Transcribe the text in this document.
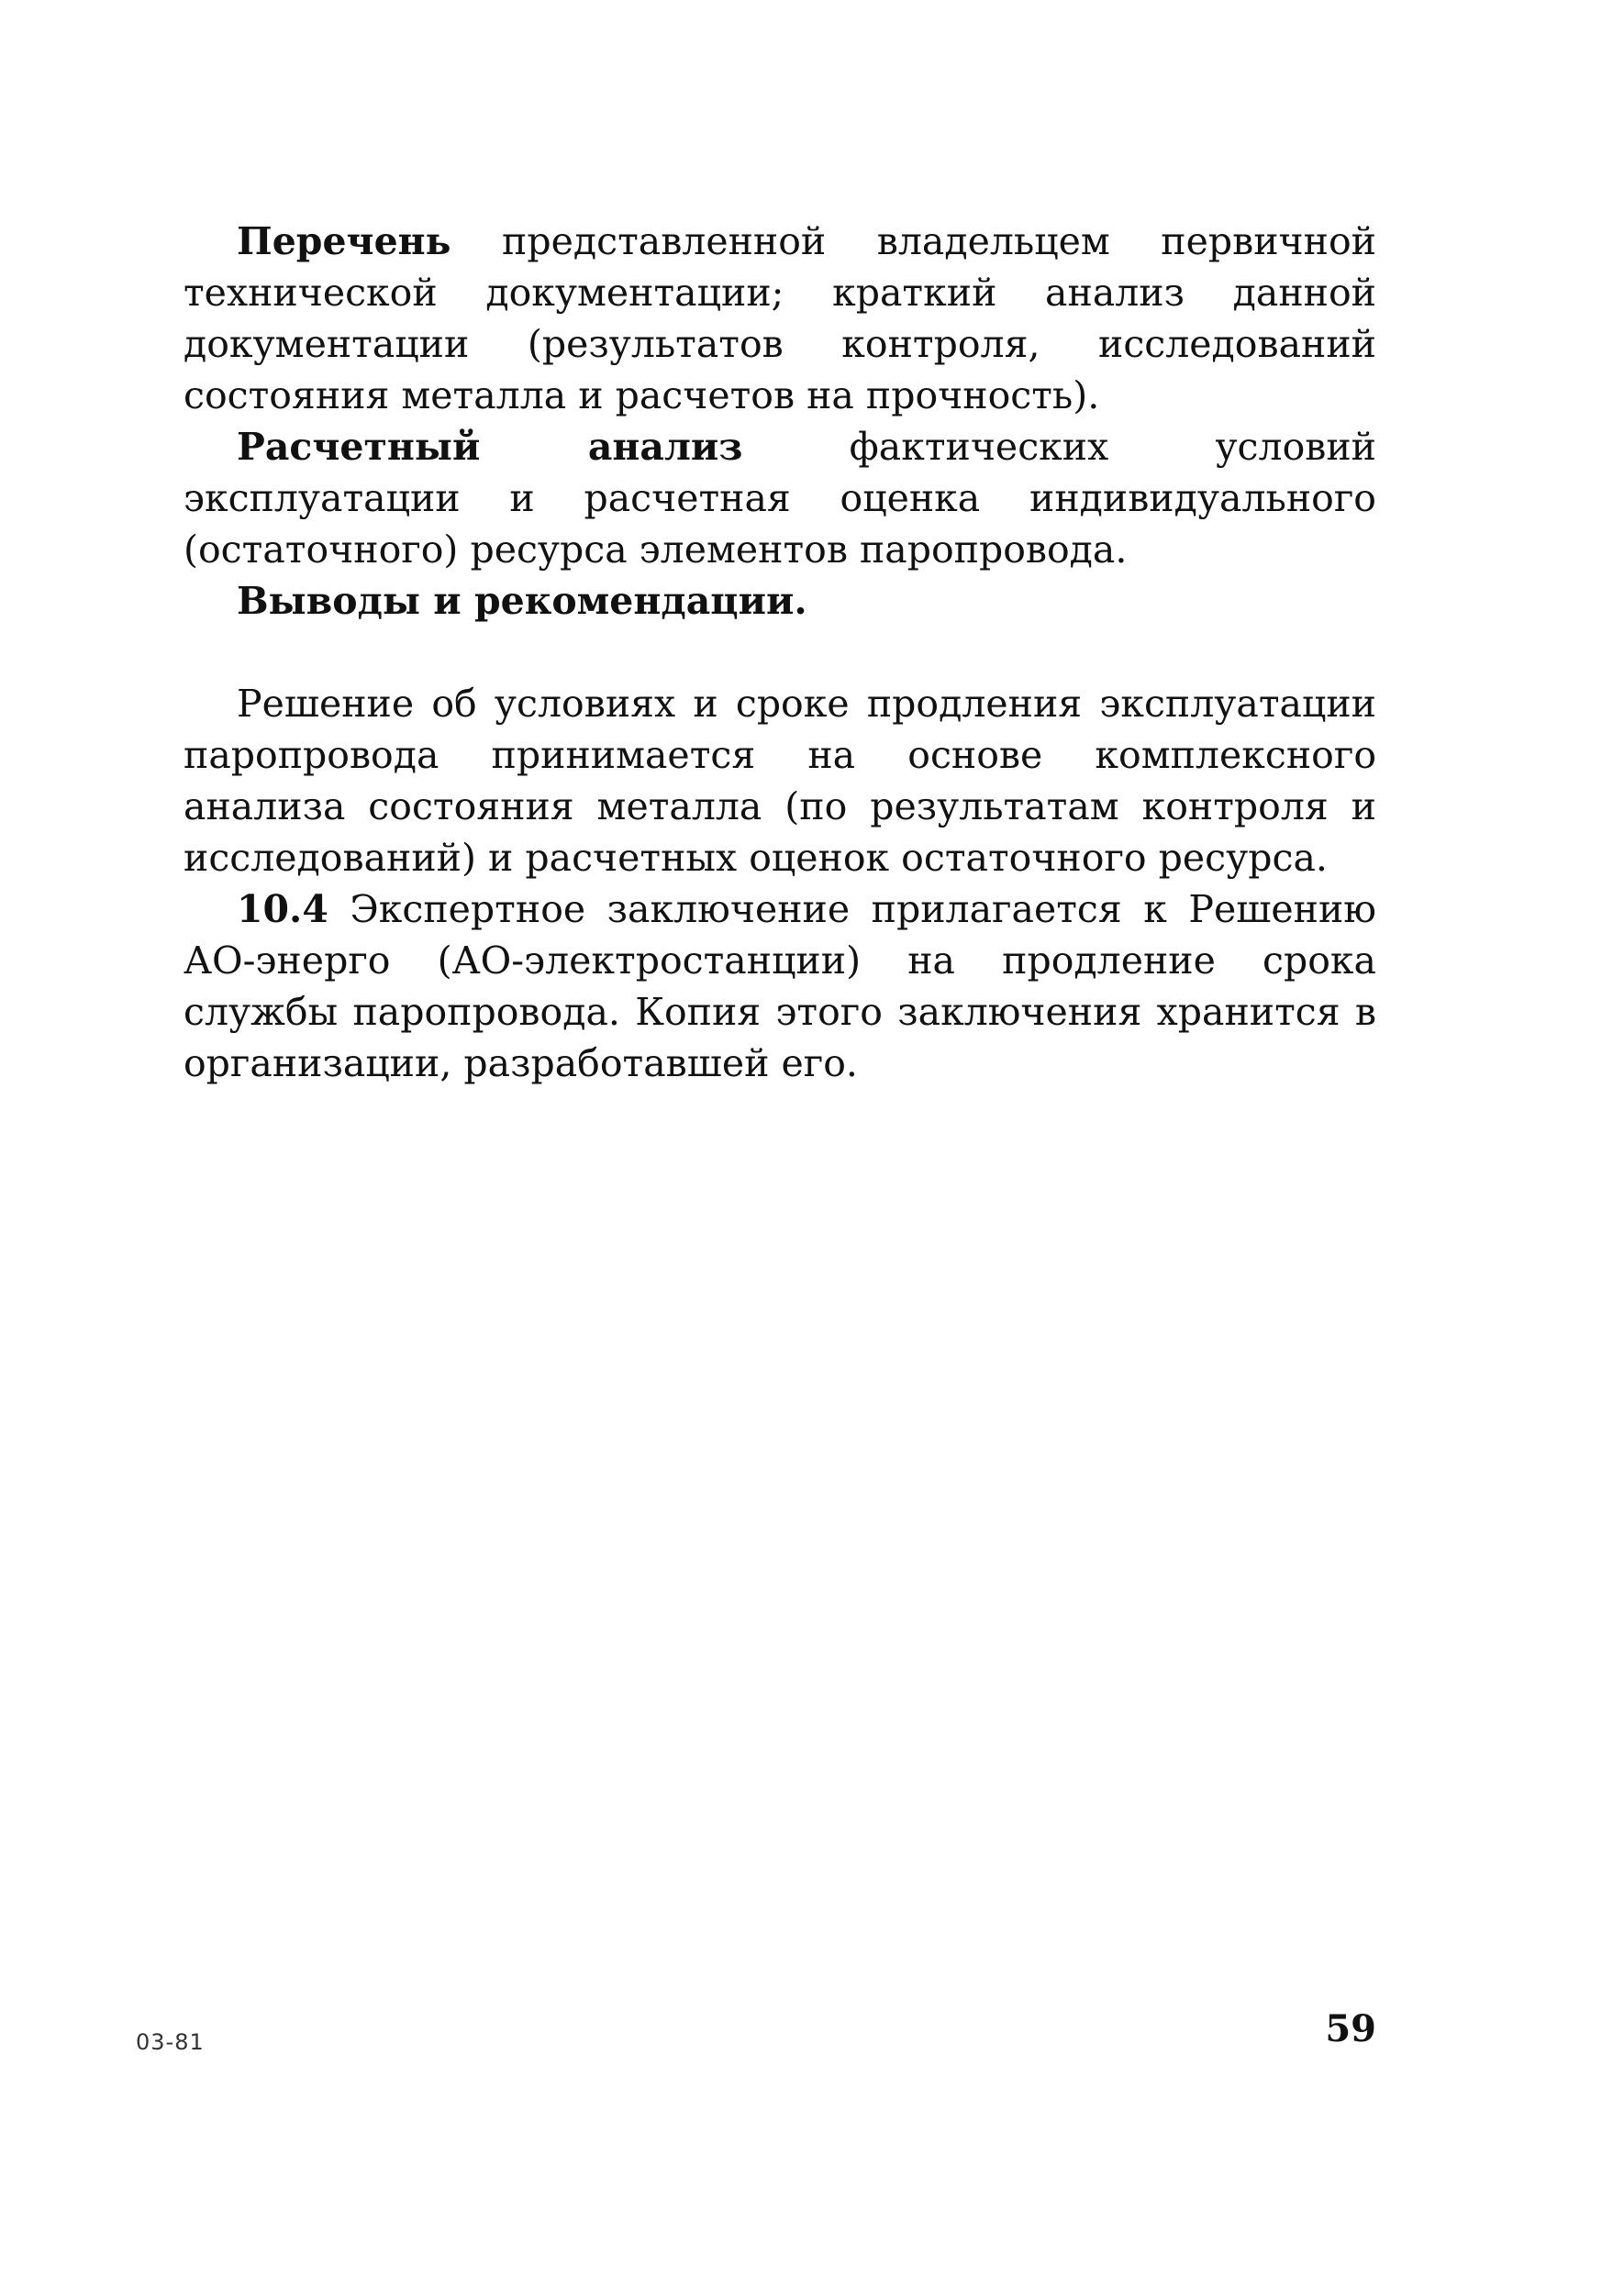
Перечень представленной владельцем первичной технической документации; краткий анализ данной документации (результатов контроля, исследований состояния металла и расчетов на прочность).

Расчетный анализ фактических условий эксплуатации и расчетная оценка индивидуального (остаточного) ресурса элементов паропровода.

Выводы и рекомендации.

Решение об условиях и сроке продления эксплуатации паропровода принимается на основе комплексного анализа состояния металла (по результатам контроля и исследований) и расчетных оценок остаточного ресурса.

10.4 Экспертное заключение прилагается к Решению АО-энерго (АО-электростанции) на продление срока службы паропровода. Копия этого заключения хранится в организации, разработавшей его.

03-81	59
